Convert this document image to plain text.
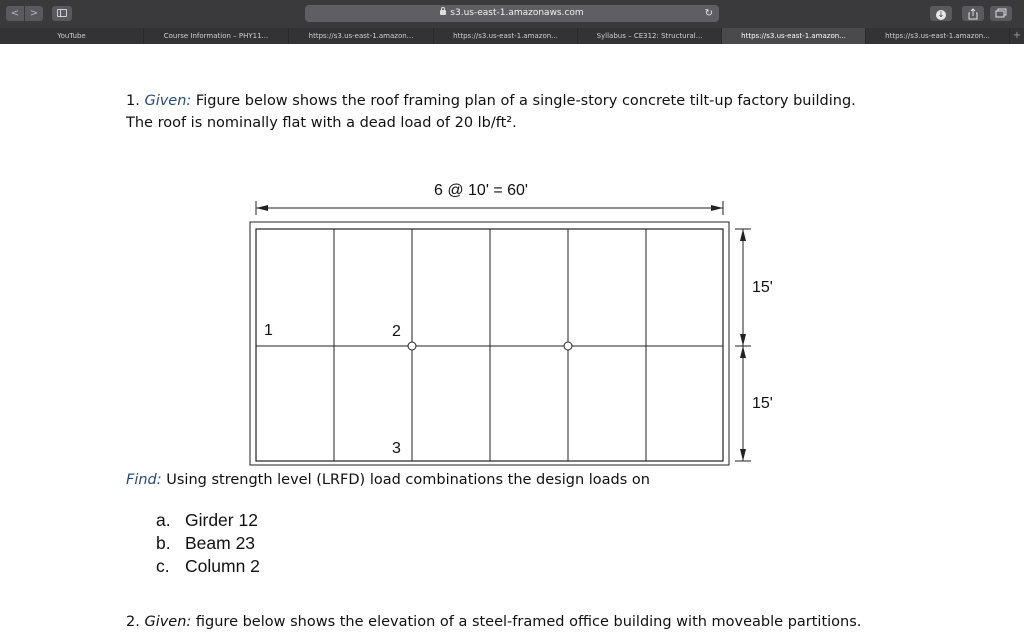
<	>	s3.us-east-1.amazonaws.com	↻	↓
YouTube	Course Information – PHY11...	https://s3.us-east-1.amazon...	https://s3.us-east-1.amazon...	Syllabus – CE312: Structural...	https://s3.us-east-1.amazon...	https://s3.us-east-1.amazon...	+
1. Given: Figure below shows the roof framing plan of a single-story concrete tilt-up factory building.
The roof is nominally flat with a dead load of 20 lb/ft².
6 @ 10' = 60'
15'
15'
1	2
3
Find: Using strength level (LRFD) load combinations the design loads on
a. Girder 12
b. Beam 23
c. Column 2
2. Given: figure below shows the elevation of a steel-framed office building with moveable partitions.
